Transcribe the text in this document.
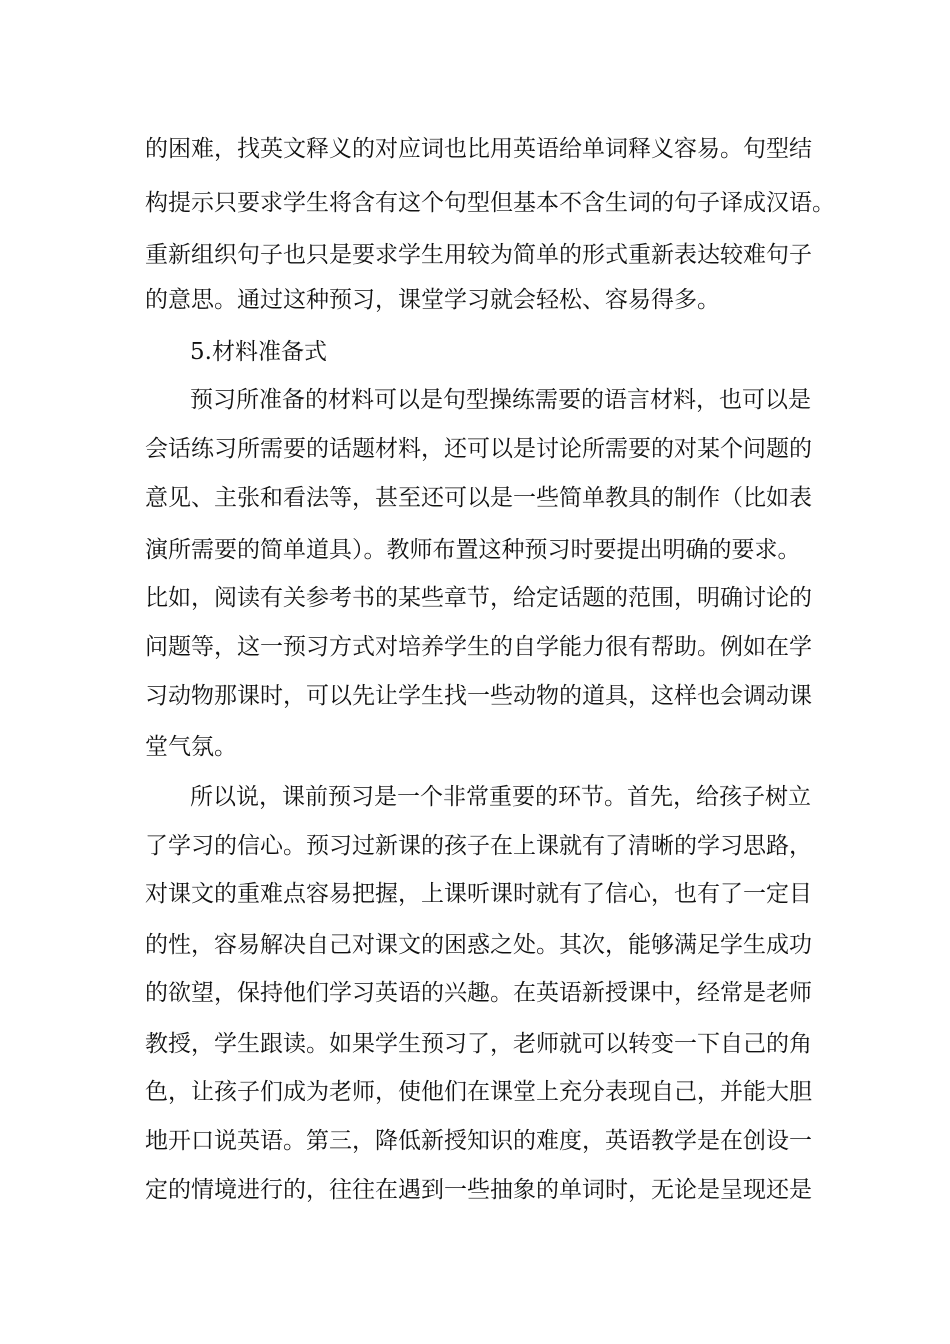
的困难，找英文释义的对应词也比用英语给单词释义容易。句型结
构提示只要求学生将含有这个句型但基本不含生词的句子译成汉语。
重新组织句子也只是要求学生用较为简单的形式重新表达较难句子
的意思。通过这种预习，课堂学习就会轻松、容易得多。
5.材料准备式
预习所准备的材料可以是句型操练需要的语言材料，也可以是
会话练习所需要的话题材料，还可以是讨论所需要的对某个问题的
意见、主张和看法等，甚至还可以是一些简单教具的制作（比如表
演所需要的简单道具）。教师布置这种预习时要提出明确的要求。
比如，阅读有关参考书的某些章节，给定话题的范围，明确讨论的
问题等，这一预习方式对培养学生的自学能力很有帮助。例如在学
习动物那课时，可以先让学生找一些动物的道具，这样也会调动课
堂气氛。
所以说，课前预习是一个非常重要的环节。首先，给孩子树立
了学习的信心。预习过新课的孩子在上课就有了清晰的学习思路，
对课文的重难点容易把握，上课听课时就有了信心，也有了一定目
的性，容易解决自己对课文的困惑之处。其次，能够满足学生成功
的欲望，保持他们学习英语的兴趣。在英语新授课中，经常是老师
教授，学生跟读。如果学生预习了，老师就可以转变一下自己的角
色，让孩子们成为老师，使他们在课堂上充分表现自己，并能大胆
地开口说英语。第三，降低新授知识的难度，英语教学是在创设一
定的情境进行的，往往在遇到一些抽象的单词时，无论是呈现还是
